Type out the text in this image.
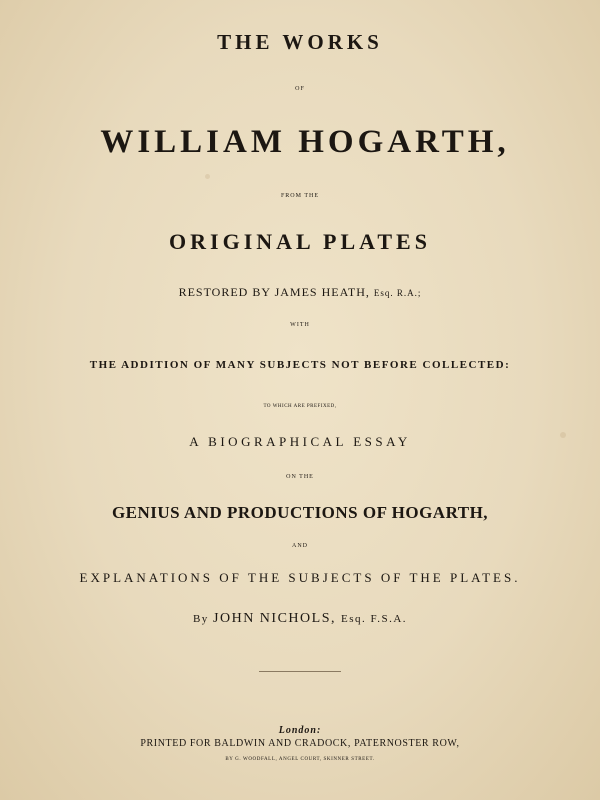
THE WORKS
OF
WILLIAM HOGARTH,
FROM THE
ORIGINAL PLATES
RESTORED BY JAMES HEATH, Esq. R.A.;
WITH
THE ADDITION OF MANY SUBJECTS NOT BEFORE COLLECTED:
TO WHICH ARE PREFIXED,
A BIOGRAPHICAL ESSAY
ON THE
GENIUS AND PRODUCTIONS OF HOGARTH,
AND
EXPLANATIONS OF THE SUBJECTS OF THE PLATES.
By JOHN NICHOLS, Esq. F.S.A.
London:
PRINTED FOR BALDWIN AND CRADOCK, PATERNOSTER ROW,
BY G. WOODFALL, ANGEL COURT, SKINNER STREET.
